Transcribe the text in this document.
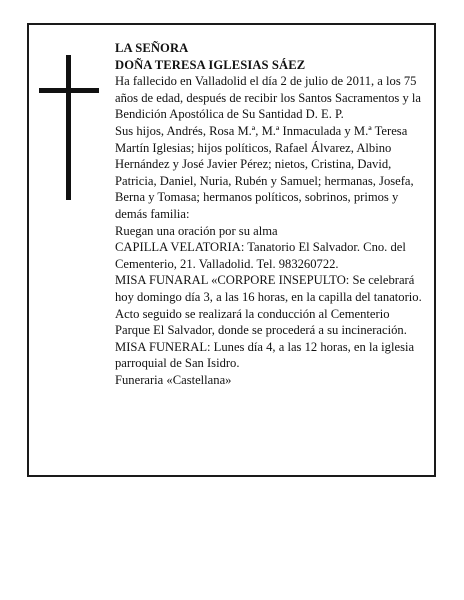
LA SEÑORA

DOÑA TERESA IGLESIAS SÁEZ

Ha fallecido en Valladolid el día 2 de julio de 2011, a los 75 años de edad, después de recibir los Santos Sacramentos y la Bendición Apostólica de Su Santidad D. E. P.

Sus hijos, Andrés, Rosa M.ª, M.ª Inmaculada y M.ª Teresa Martín Iglesias; hijos políticos, Rafael Álvarez, Albino Hernández y José Javier Pérez; nietos, Cristina, David, Patricia, Daniel, Nuria, Rubén y Samuel; hermanas, Josefa, Berna y Tomasa; hermanos políticos, sobrinos, primos y demás familia:

Ruegan una oración por su alma

CAPILLA VELATORIA: Tanatorio El Salvador. Cno. del Cementerio, 21. Valladolid. Tel. 983260722.

MISA FUNARAL «CORPORE INSEPULTO: Se celebrará hoy domingo día 3, a las 16 horas, en la capilla del tanatorio. Acto seguido se realizará la conducción al Cementerio Parque El Salvador, donde se procederá a su incineración.

MISA FUNERAL: Lunes día 4, a las 12 horas, en la iglesia parroquial de San Isidro.

Funeraria «Castellana»
